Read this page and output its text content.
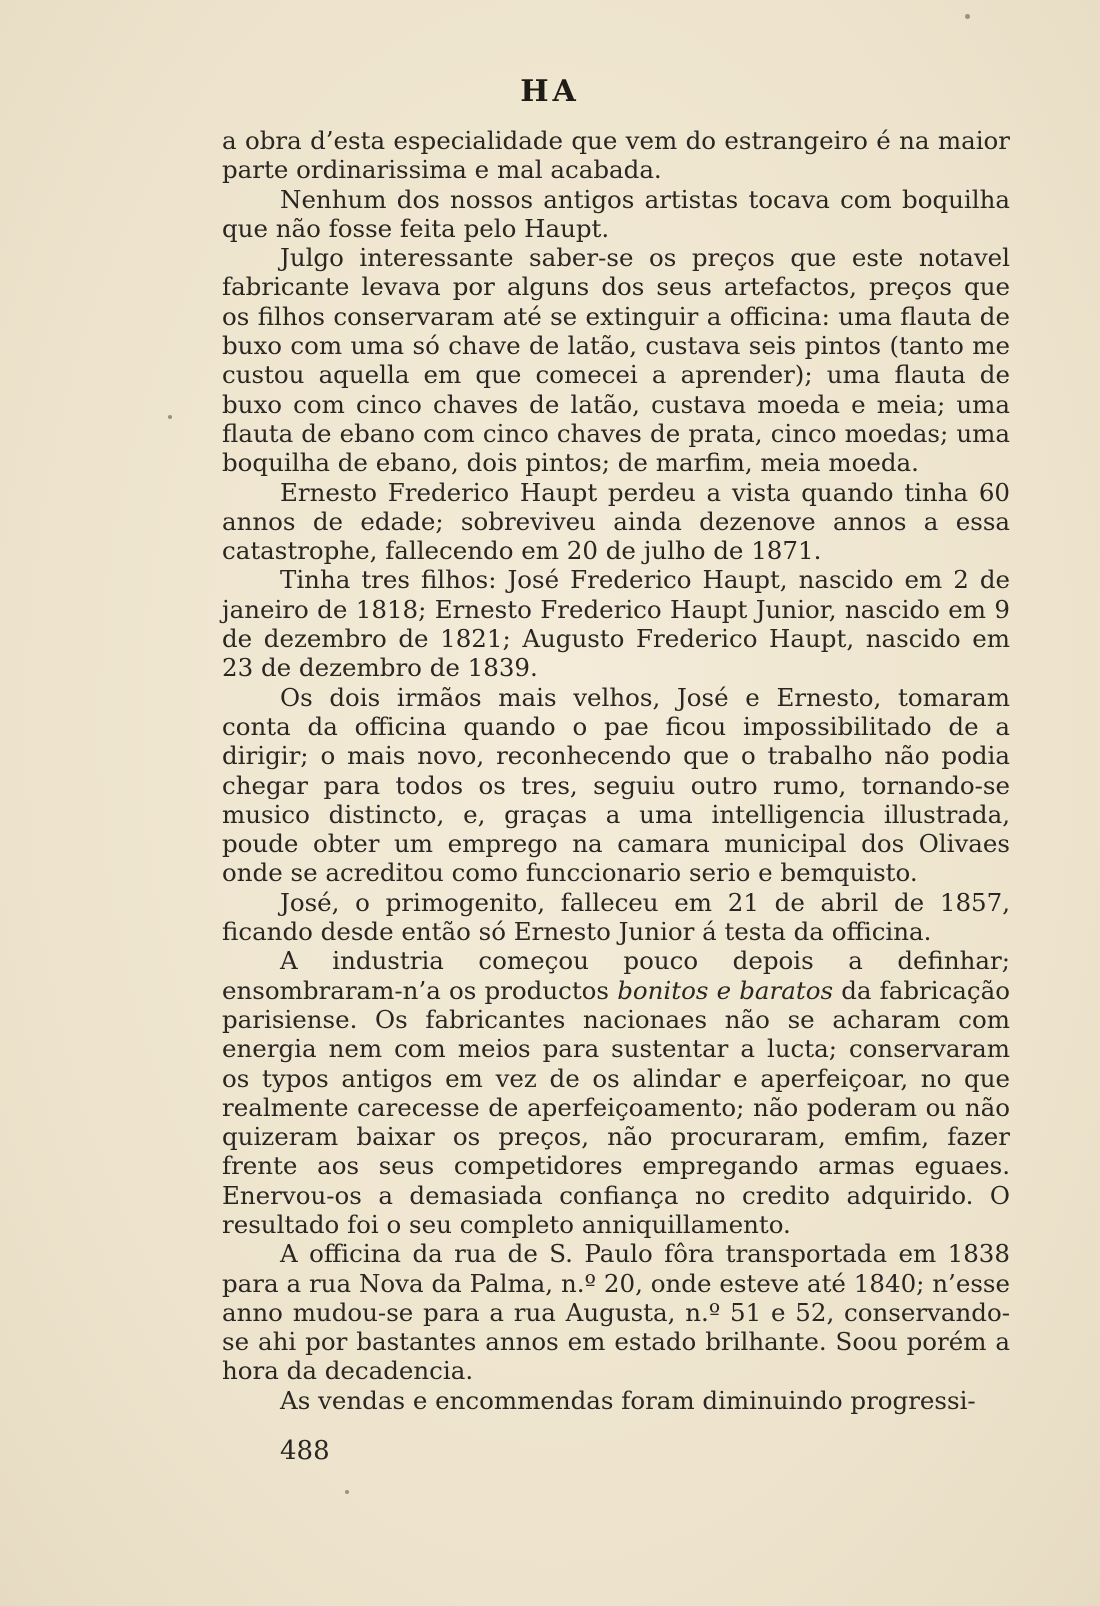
HA

a obra d’esta especialidade que vem do estrangeiro é na maior parte ordinarissima e mal acabada.

Nenhum dos nossos antigos artistas tocava com boquilha que não fosse feita pelo Haupt.

Julgo interessante saber-se os preços que este notavel fabricante levava por alguns dos seus artefactos, preços que os filhos conservaram até se extinguir a officina: uma flauta de buxo com uma só chave de latão, custava seis pintos (tanto me custou aquella em que comecei a aprender); uma flauta de buxo com cinco chaves de latão, custava moeda e meia; uma flauta de ebano com cinco chaves de prata, cinco moedas; uma boquilha de ebano, dois pintos; de marfim, meia moeda.

Ernesto Frederico Haupt perdeu a vista quando tinha 60 annos de edade; sobreviveu ainda dezenove annos a essa catastrophe, fallecendo em 20 de julho de 1871.

Tinha tres filhos: José Frederico Haupt, nascido em 2 de janeiro de 1818; Ernesto Frederico Haupt Junior, nascido em 9 de dezembro de 1821; Augusto Frederico Haupt, nascido em 23 de dezembro de 1839.

Os dois irmãos mais velhos, José e Ernesto, tomaram conta da officina quando o pae ficou impossibilitado de a dirigir; o mais novo, reconhecendo que o trabalho não podia chegar para todos os tres, seguiu outro rumo, tornando-se musico distincto, e, graças a uma intelligencia illustrada, poude obter um emprego na camara municipal dos Olivaes onde se acreditou como funccionario serio e bemquisto.

José, o primogenito, falleceu em 21 de abril de 1857, ficando desde então só Ernesto Junior á testa da officina.

A industria começou pouco depois a definhar; ensombraram-n’a os productos bonitos e baratos da fabricação parisiense. Os fabricantes nacionaes não se acharam com energia nem com meios para sustentar a lucta; conservaram os typos antigos em vez de os alindar e aperfeiçoar, no que realmente carecesse de aperfeiçoamento; não poderam ou não quizeram baixar os preços, não procuraram, emfim, fazer frente aos seus competidores empregando armas eguaes. Enervou-os a demasiada confiança no credito adquirido. O resultado foi o seu completo anniquillamento.

A officina da rua de S. Paulo fôra transportada em 1838 para a rua Nova da Palma, n.º 20, onde esteve até 1840; n’esse anno mudou-se para a rua Augusta, n.º 51 e 52, conservando-se ahi por bastantes annos em estado brilhante. Soou porém a hora da decadencia.

As vendas e encommendas foram diminuindo progressi-

488
